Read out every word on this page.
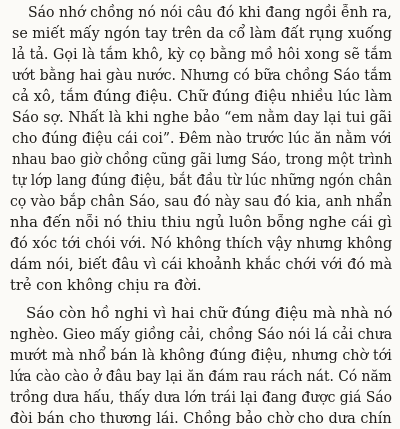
Sáo nhớ chồng nó nói câu đó khi đang ngồi ễnh ra,
se miết mấy ngón tay trên da cổ làm đất rụng xuống
lả tả. Gọi là tắm khô, kỳ cọ bằng mồ hôi xong sẽ tắm
ướt bằng hai gàu nước. Nhưng có bữa chồng Sáo tắm
cả xô, tắm đúng điệu. Chữ đúng điệu nhiều lúc làm
Sáo sợ. Nhất là khi nghe bảo “em nằm day lại tui gãi
cho đúng điệu cái coi”. Đêm nào trước lúc ăn nằm với
nhau bao giờ chồng cũng gãi lưng Sáo, trong một trình
tự lớp lang đúng điệu, bắt đầu từ lúc những ngón chân
cọ vào bắp chân Sáo, sau đó này sau đó kia, anh nhẩn
nha đến nỗi nó thiu thiu ngủ luôn bỗng nghe cái gì
đó xóc tới chói với. Nó không thích vậy nhưng không
dám nói, biết đâu vì cái khoảnh khắc chới với đó mà
trẻ con không chịu ra đời.
Sáo còn hồ nghi vì hai chữ đúng điệu mà nhà nó
nghèo. Gieo mấy giồng cải, chồng Sáo nói lá cải chưa
mướt mà nhổ bán là không đúng điệu, nhưng chờ tới
lứa cào cào ở đâu bay lại ăn đám rau rách nát. Có năm
trồng dưa hấu, thấy dưa lớn trái lại đang được giá Sáo
đòi bán cho thương lái. Chồng bảo chờ cho dưa chín
